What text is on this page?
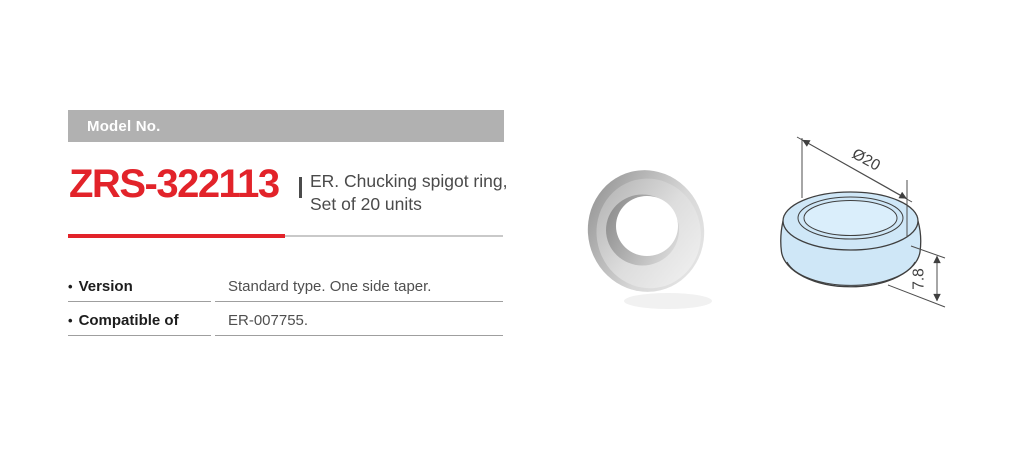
Model No.
ZRS-322113 ER. Chucking spigot ring,
Set of 20 units
• Version	Standard type. One side taper.
• Compatible of	ER-007755.
Ø20
7.8
